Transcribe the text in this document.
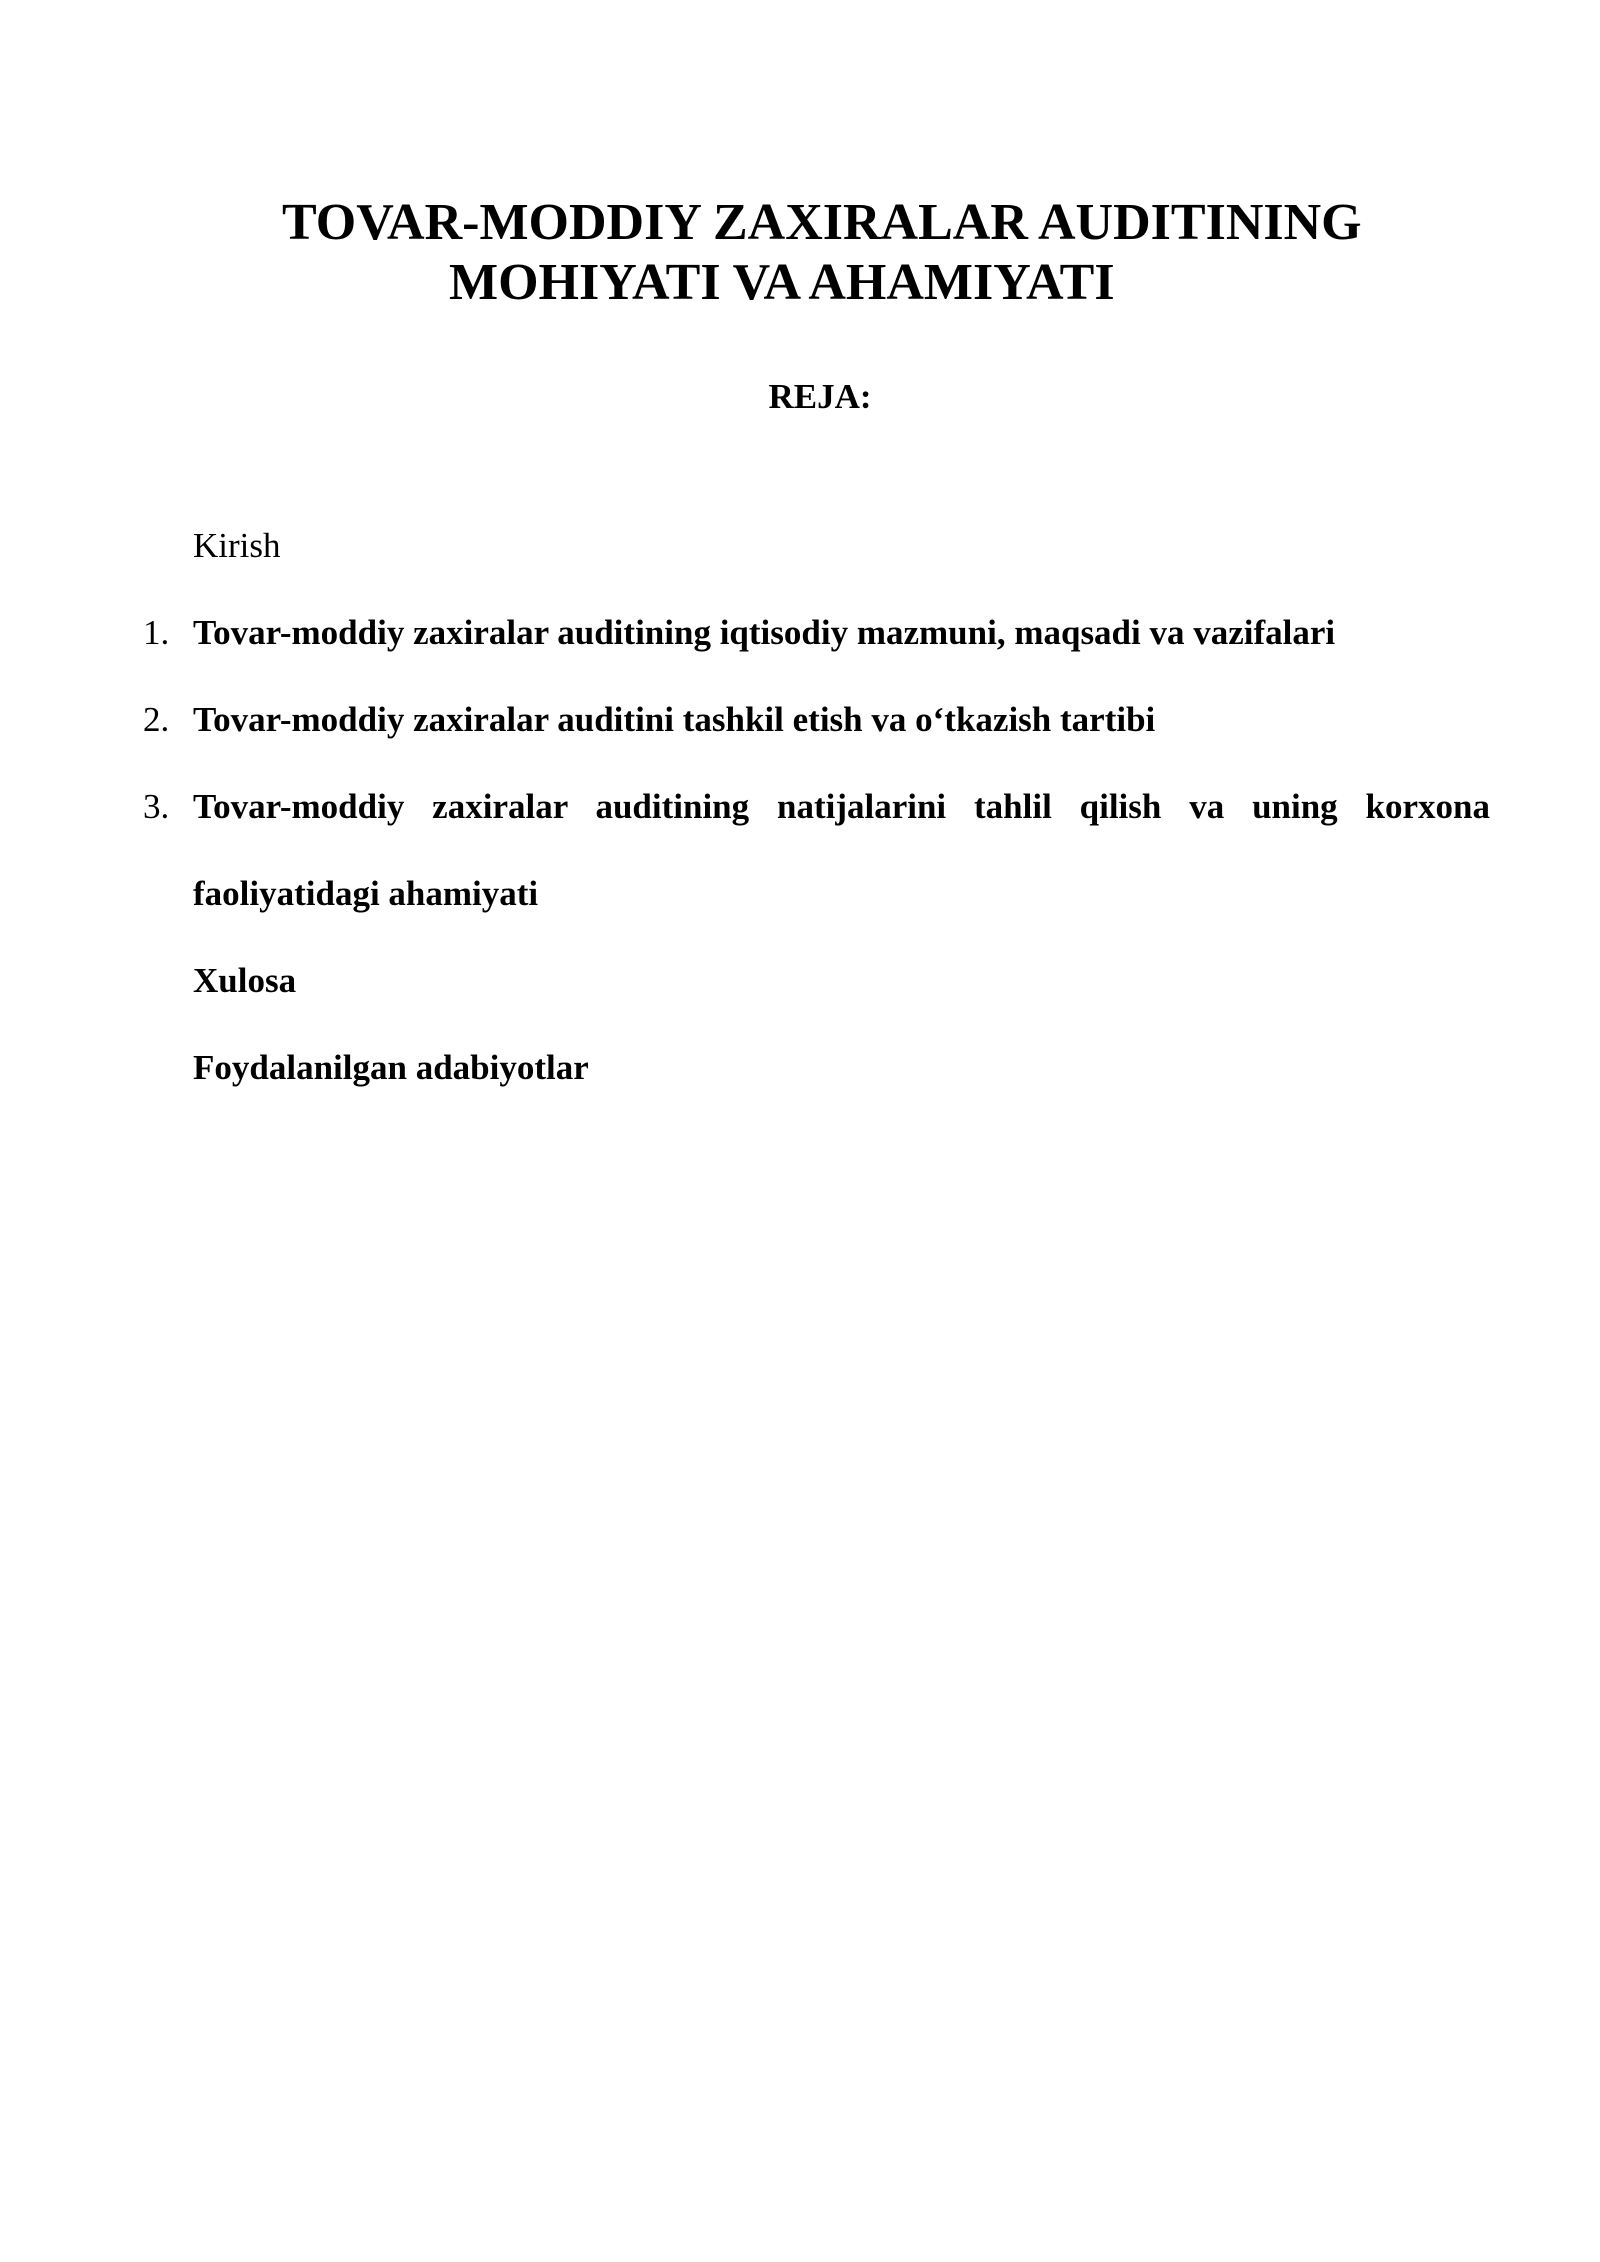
TOVAR-MODDIY ZAXIRALAR AUDITINING
MOHIYATI VA AHAMIYATI
REJA:
Kirish
1. Tovar-moddiy zaxiralar auditining iqtisodiy mazmuni, maqsadi va vazifalari
2. Tovar-moddiy zaxiralar auditini tashkil etish va o‘tkazish tartibi
3. Tovar-moddiy zaxiralar auditining natijalarini tahlil qilish va uning korxona
faoliyatidagi ahamiyati
Xulosa
Foydalanilgan adabiyotlar
